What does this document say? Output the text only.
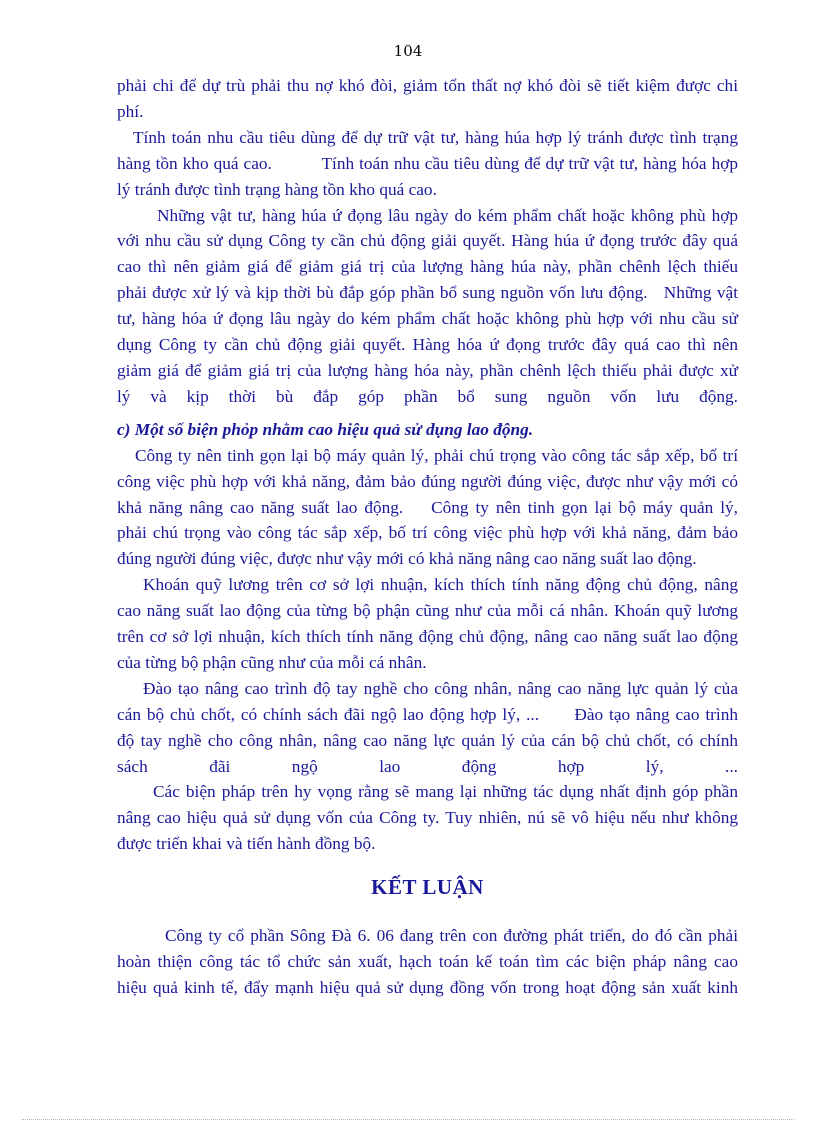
104

phải chi để dự trù phải thu nợ khó đòi, giảm tổn thất nợ khó đòi sẽ tiết kiệm được chi
phí.

Tính toán nhu cầu tiêu dùng để dự trữ vật tư, hàng húa hợp lý tránh được tình trạng
hàng tồn kho quá cao.          Tính toán nhu cầu tiêu dùng để dự trữ vật tư, hàng hóa hợp
lý tránh được tình trạng hàng tồn kho quá cao.

Những vật tư, hàng húa ứ đọng lâu ngày do kém phẩm chất hoặc không phù hợp
với nhu cầu sử dụng Công ty cần chủ động giải quyết. Hàng húa ứ đọng trước đây quá
cao thì nên giảm giá để giảm giá trị của lượng hàng húa này, phần chênh lệch thiếu
phải được xử lý và kịp thời bù đắp góp phần bổ sung nguồn vốn lưu động.   Những vật
tư, hàng hóa ứ đọng lâu ngày do kém phẩm chất hoặc không phù hợp với nhu cầu sử
dụng Công ty cần chủ động giải quyết. Hàng hóa ứ đọng trước đây quá cao thì nên
giảm giá để giảm giá trị của lượng hàng hóa này, phần chênh lệch thiếu phải được xử
lý và kịp thời bù đắp góp phần bổ sung nguồn vốn lưu động.

c) Một số biện phỏp nhằm cao hiệu quả sử dụng lao động.

Công ty nên tinh gọn lại bộ máy quản lý, phải chú trọng vào công tác sắp xếp, bố trí
công việc phù hợp với khả năng, đảm bảo đúng người đúng việc, được như vậy mới có
khả năng nâng cao năng suất lao động.    Công ty nên tinh gọn lại bộ máy quản lý,
phải chú trọng vào công tác sắp xếp, bố trí công việc phù hợp với khả năng, đảm bảo
đúng người đúng việc, được như vậy mới có khả năng nâng cao năng suất lao động.

Khoán quỹ lương trên cơ sở lợi nhuận, kích thích tính năng động chủ động, nâng
cao năng suất lao động của từng bộ phận cũng như của mỗi cá nhân. Khoán quỹ lương
trên cơ sở lợi nhuận, kích thích tính năng động chủ động, nâng cao năng suất lao động
của từng bộ phận cũng như của mỗi cá nhân.

Đào tạo nâng cao trình độ tay nghề cho công nhân, nâng cao năng lực quản lý của
cán bộ chủ chốt, có chính sách đãi ngộ lao động hợp lý, ...      Đào tạo nâng cao trình
độ tay nghề cho công nhân, nâng cao năng lực quản lý của cán bộ chủ chốt, có chính
sách đãi ngộ lao động hợp lý, ...

Các biện pháp trên hy vọng rằng sẽ mang lại những tác dụng nhất định góp phần
nâng cao hiệu quả sử dụng vốn của Công ty. Tuy nhiên, nú sẽ vô hiệu nếu như không
được triển khai và tiến hành đồng bộ.

KẾT LUẬN

Công ty cổ phần Sông Đà 6. 06 đang trên con đường phát triển, do đó cần phải
hoàn thiện công tác tổ chức sản xuất, hạch toán kế toán tìm các biện pháp nâng cao
hiệu quả kinh tế, đẩy mạnh hiệu quả sử dụng đồng vốn trong hoạt động sản xuất kinh
